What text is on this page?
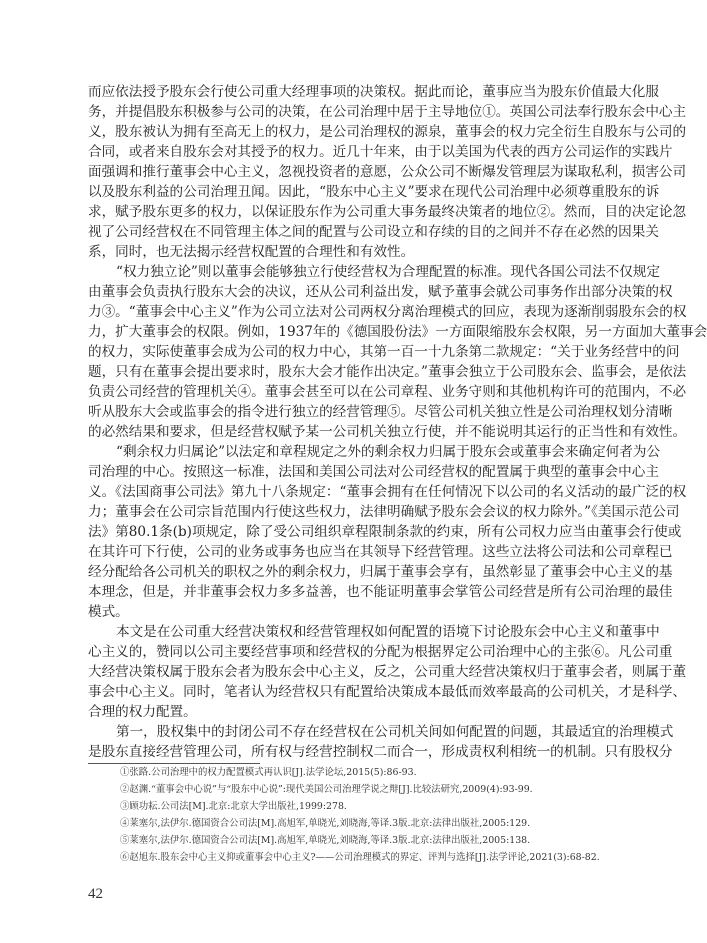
而应依法授予股东会行使公司重大经理事项的决策权。据此而论，董事应当为股东价值最大化服
务，并提倡股东积极参与公司的决策，在公司治理中居于主导地位①。英国公司法奉行股东会中心主
义，股东被认为拥有至高无上的权力，是公司治理权的源泉，董事会的权力完全衍生自股东与公司的
合同，或者来自股东会对其授予的权力。近几十年来，由于以美国为代表的西方公司运作的实践片
面强调和推行董事会中心主义，忽视投资者的意愿，公众公司不断爆发管理层为谋取私利，损害公司
以及股东利益的公司治理丑闻。因此，“股东中心主义”要求在现代公司治理中必须尊重股东的诉
求，赋予股东更多的权力，以保证股东作为公司重大事务最终决策者的地位②。然而，目的决定论忽
视了公司经营权在不同管理主体之间的配置与公司设立和存续的目的之间并不存在必然的因果关
系，同时，也无法揭示经营权配置的合理性和有效性。
“权力独立论”则以董事会能够独立行使经营权为合理配置的标准。现代各国公司法不仅规定
由董事会负责执行股东大会的决议，还从公司利益出发，赋予董事会就公司事务作出部分决策的权
力③。“董事会中心主义”作为公司立法对公司两权分离治理模式的回应，表现为逐渐削弱股东会的权
力，扩大董事会的权限。例如，1937年的《德国股份法》一方面限缩股东会权限，另一方面加大董事会
的权力，实际使董事会成为公司的权力中心，其第一百一十九条第二款规定：“关于业务经营中的问
题，只有在董事会提出要求时，股东大会才能作出决定。”董事会独立于公司股东会、监事会，是依法
负责公司经营的管理机关④。董事会甚至可以在公司章程、业务守则和其他机构许可的范围内，不必
听从股东大会或监事会的指令进行独立的经营管理⑤。尽管公司机关独立性是公司治理权划分清晰
的必然结果和要求，但是经营权赋予某一公司机关独立行使，并不能说明其运行的正当性和有效性。
“剩余权力归属论”以法定和章程规定之外的剩余权力归属于股东会或董事会来确定何者为公
司治理的中心。按照这一标准，法国和美国公司法对公司经营权的配置属于典型的董事会中心主
义。《法国商事公司法》第九十八条规定：“董事会拥有在任何情况下以公司的名义活动的最广泛的权
力；董事会在公司宗旨范围内行使这些权力，法律明确赋予股东会会议的权力除外。”《美国示范公司
法》第80.1条(b)项规定，除了受公司组织章程限制条款的约束，所有公司权力应当由董事会行使或
在其许可下行使，公司的业务或事务也应当在其领导下经营管理。这些立法将公司法和公司章程已
经分配给各公司机关的职权之外的剩余权力，归属于董事会享有，虽然彰显了董事会中心主义的基
本理念，但是，并非董事会权力多多益善，也不能证明董事会掌管公司经营是所有公司治理的最佳
模式。
本文是在公司重大经营决策权和经营管理权如何配置的语境下讨论股东会中心主义和董事中
心主义的，赞同以公司主要经营事项和经营权的分配为根据界定公司治理中心的主张⑥。凡公司重
大经营决策权属于股东会者为股东会中心主义，反之，公司重大经营决策权归于董事会者，则属于董
事会中心主义。同时，笔者认为经营权只有配置给决策成本最低而效率最高的公司机关，才是科学、
合理的权力配置。
第一，股权集中的封闭公司不存在经营权在公司机关间如何配置的问题，其最适宜的治理模式
是股东直接经营管理公司，所有权与经营控制权二而合一，形成责权利相统一的机制。只有股权分
①张路.公司治理中的权力配置模式再认识[J].法学论坛,2015(5):86-93.
②赵渊.“董事会中心说”与“股东中心说”:现代美国公司治理学说之辩[J].比较法研究,2009(4):93-99.
③顾功耘.公司法[M].北京:北京大学出版社,1999:278.
④莱塞尔,法伊尔.德国资合公司法[M].高旭军,单晓光,刘晓海,等译.3版.北京:法律出版社,2005:129.
⑤莱塞尔,法伊尔.德国资合公司法[M].高旭军,单晓光,刘晓海,等译.3版.北京:法律出版社,2005:138.
⑥赵旭东.股东会中心主义抑或董事会中心主义?——公司治理模式的界定、评判与选择[J].法学评论,2021(3):68-82.
42
